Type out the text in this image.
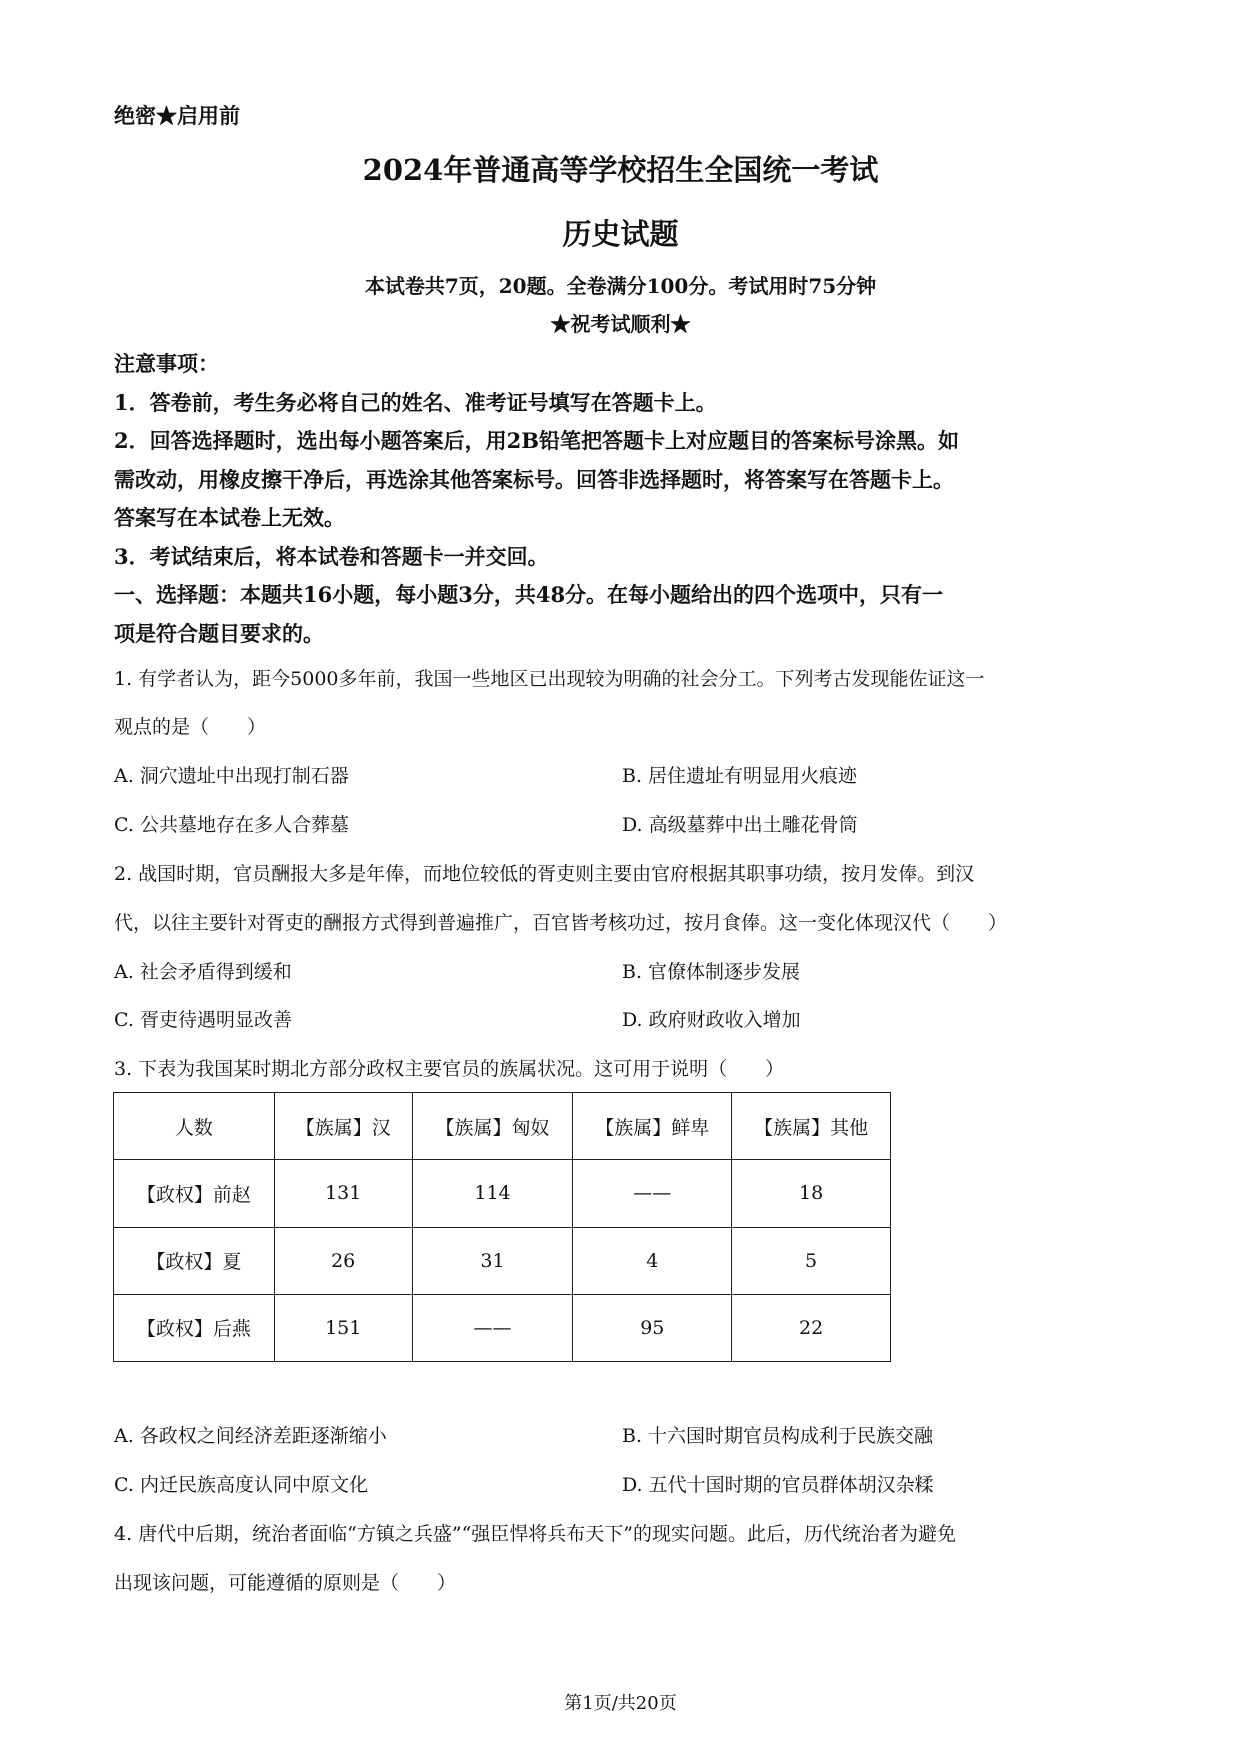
绝密★启用前
2024年普通高等学校招生全国统一考试
历史试题
本试卷共7页，20题。全卷满分100分。考试用时75分钟
★祝考试顺利★

注意事项：

1．答卷前，考生务必将自己的姓名、准考证号填写在答题卡上。

2．回答选择题时，选出每小题答案后，用2B铅笔把答题卡上对应题目的答案标号涂黑。如

需改动，用橡皮擦干净后，再选涂其他答案标号。回答非选择题时，将答案写在答题卡上。

答案写在本试卷上无效。

3．考试结束后，将本试卷和答题卡一并交回。

一、选择题：本题共16小题，每小题3分，共48分。在每小题给出的四个选项中，只有一

项是符合题目要求的。

1. 有学者认为，距今5000多年前，我国一些地区已出现较为明确的社会分工。下列考古发现能佐证这一
观点的是（　　）
A. 洞穴遗址中出现打制石器	B. 居住遗址有明显用火痕迹
C. 公共墓地存在多人合葬墓	D. 高级墓葬中出土雕花骨筒
2. 战国时期，官员酬报大多是年俸，而地位较低的胥吏则主要由官府根据其职事功绩，按月发俸。到汉
代，以往主要针对胥吏的酬报方式得到普遍推广，百官皆考核功过，按月食俸。这一变化体现汉代（　　）
A. 社会矛盾得到缓和	B. 官僚体制逐步发展
C. 胥吏待遇明显改善	D. 政府财政收入增加
3. 下表为我国某时期北方部分政权主要官员的族属状况。这可用于说明（　　）
人数	【族属】汉	【族属】匈奴	【族属】鲜卑	【族属】其他
【政权】前赵	131	114	——	18
【政权】夏	26	31	4	5
【政权】后燕	151	——	95	22
A. 各政权之间经济差距逐渐缩小	B. 十六国时期官员构成利于民族交融
C. 内迁民族高度认同中原文化	D. 五代十国时期的官员群体胡汉杂糅
4. 唐代中后期，统治者面临“方镇之兵盛”“强臣悍将兵布天下”的现实问题。此后，历代统治者为避免
出现该问题，可能遵循的原则是（　　）
第1页/共20页
